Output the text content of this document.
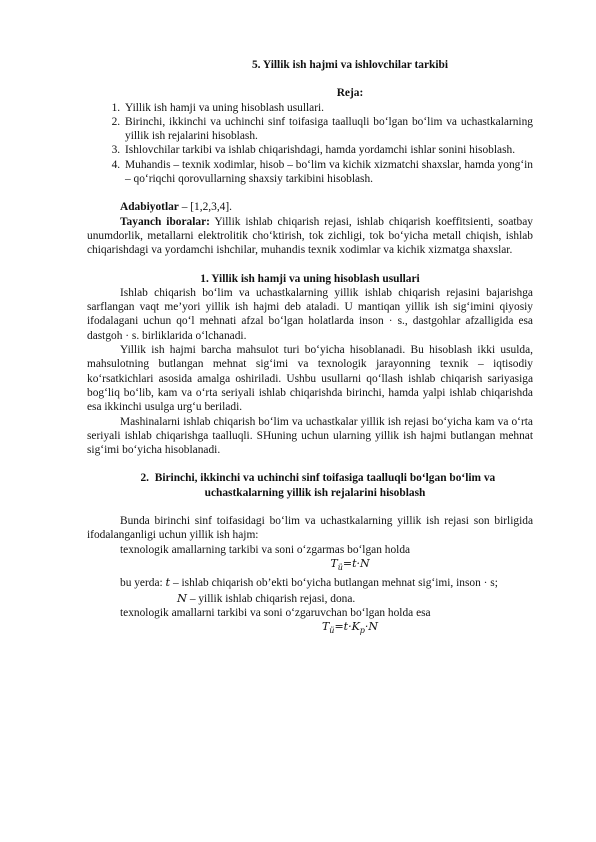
5. Yillik ish hajmi va ishlovchilar tarkibi

Reja:

1. Yillik ish hamji va uning hisoblash usullari.
2. Birinchi, ikkinchi va uchinchi sinf toifasiga taalluqli bo‘lgan bo‘lim va uchastkalarning yillik ish rejalarini hisoblash.
3. Ishlovchilar tarkibi va ishlab chiqarishdagi, hamda yordamchi ishlar sonini hisoblash.
4. Muhandis – texnik xodimlar, hisob – bo‘lim va kichik xizmatchi shaxslar, hamda yong‘in – qo‘riqchi qorovullarning shaxsiy tarkibini hisoblash.

Adabiyotlar – [1,2,3,4].

Tayanch iboralar: Yillik ishlab chiqarish rejasi, ishlab chiqarish koeffitsienti, soatbay unumdorlik, metallarni elektrolitik cho‘ktirish, tok zichligi, tok bo‘yicha metall chiqish, ishlab chiqarishdagi va yordamchi ishchilar, muhandis texnik xodimlar va kichik xizmatga shaxslar.

1. Yillik ish hamji va uning hisoblash usullari

Ishlab chiqarish bo‘lim va uchastkalarning yillik ishlab chiqarish rejasini bajarishga sarflangan vaqt me’yori yillik ish hajmi deb ataladi. U mantiqan yillik ish sig‘imini qiyosiy ifodalagani uchun qo‘l mehnati afzal bo‘lgan holatlarda inson · s., dastgohlar afzalligida esa dastgoh · s. birliklarida o‘lchanadi.

Yillik ish hajmi barcha mahsulot turi bo‘yicha hisoblanadi. Bu hisoblash ikki usulda, mahsulotning butlangan mehnat sig‘imi va texnologik jarayonning texnik – iqtisodiy ko‘rsatkichlari asosida amalga oshiriladi. Ushbu usullarni qo‘llash ishlab chiqarish sariyasiga bog‘liq bo‘lib, kam va o‘rta seriyali ishlab chiqarishda birinchi, hamda yalpi ishlab chiqarishda esa ikkinchi usulga urg‘u beriladi.

Mashinalarni ishlab chiqarish bo‘lim va uchastkalar yillik ish rejasi bo‘yicha kam va o‘rta seriyali ishlab chiqarishga taalluqli. SHuning uchun ularning yillik ish hajmi butlangan mehnat sig‘imi bo‘yicha hisoblanadi.

2. Birinchi, ikkinchi va uchinchi sinf toifasiga taalluqli bo‘lgan bo‘lim va

uchastkalarning yillik ish rejalarini hisoblash

Bunda birinchi sinf toifasidagi bo‘lim va uchastkalarning yillik ish rejasi son birligida ifodalanganligi uchun yillik ish hajm:

texnologik amallarning tarkibi va soni o‘zgarmas bo‘lgan holda

$T_ü=t\cdot N$

bu yerda: t – ishlab chiqarish ob’ekti bo‘yicha butlangan mehnat sig‘imi, inson · s;

N – yillik ishlab chiqarish rejasi, dona.

texnologik amallarni tarkibi va soni o‘zgaruvchan bo‘lgan holda esa

$T_ü=t\cdot K_p\cdot N$
